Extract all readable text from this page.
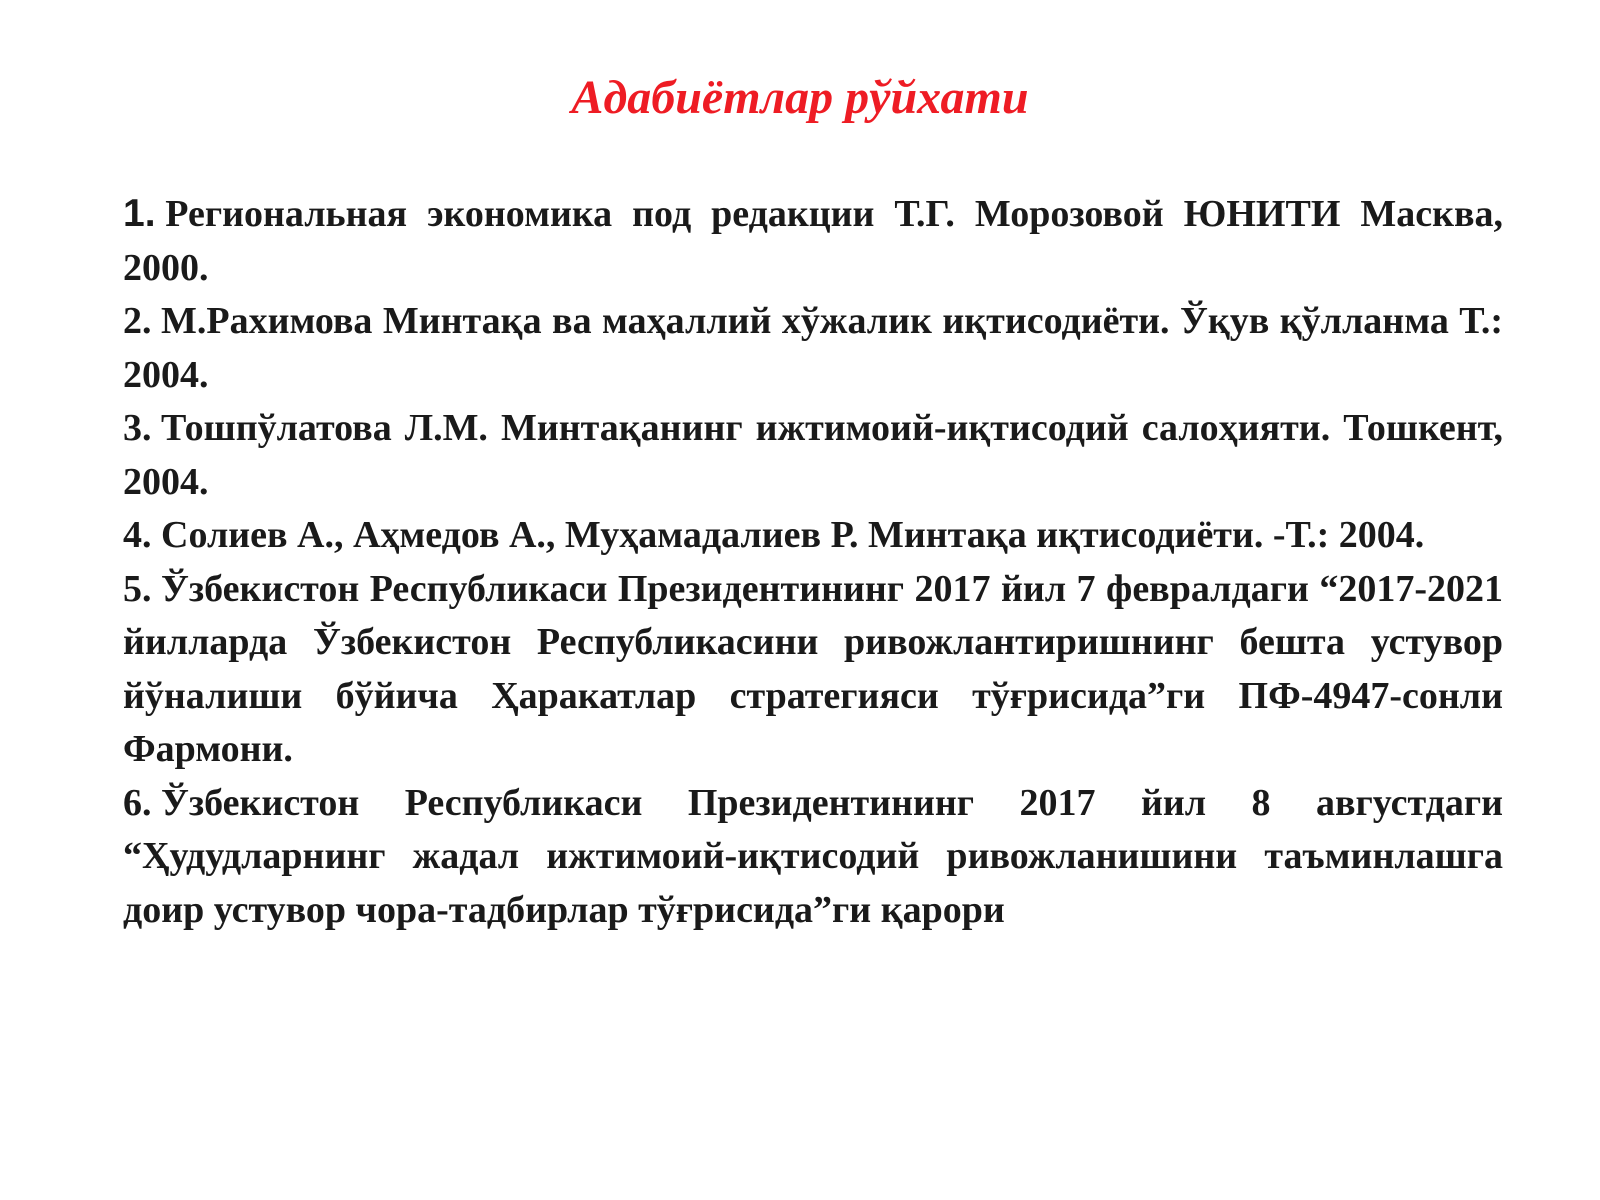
Адабиётлар рўйхати
1. Региональная экономика под редакции Т.Г. Морозовой ЮНИТИ Масква, 2000.
2. М.Рахимова Минтақа ва маҳаллий хўжалик иқтисодиёти. Ўқув қўлланма Т.: 2004.
3. Тошпўлатова Л.М. Минтақанинг ижтимоий-иқтисодий салоҳияти. Тошкент, 2004.
4. Солиев А., Аҳмедов А., Муҳамадалиев Р. Минтақа иқтисодиёти. -Т.: 2004.
5. Ўзбекистон Республикаси Президентининг 2017 йил 7 февралдаги “2017-2021 йилларда Ўзбекистон Республикасини ривожлантиришнинг бешта устувор йўналиши бўйича Ҳаракатлар стратегияси тўғрисида”ги ПФ-4947-сонли Фармони.
6. Ўзбекистон Республикаси Президентининг 2017 йил 8 августдаги “Ҳудудларнинг жадал ижтимоий-иқтисодий ривожланишини таъминлашга доир устувор чора-тадбирлар тўғрисида”ги қарори
